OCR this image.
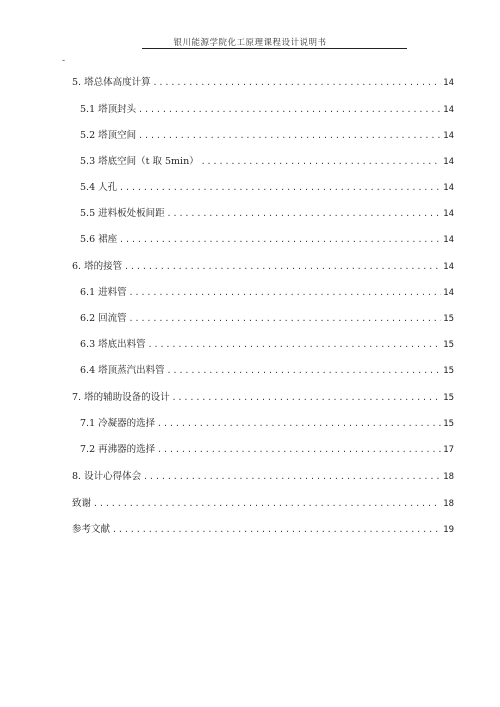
银川能源学院化工原理课程设计说明书
-
5. 塔总体高度计算 .....	14
5.1 塔顶封头 .....	14
5.2 塔顶空间 .....	14
5.3 塔底空间（t 取 5min） .....	14
5.4 人孔 .....	14
5.5 进料板处板间距 .....	14
5.6 裙座 .....	14
6. 塔的接管 .....	14
6.1 进料管 .....	14
6.2 回流管 .....	15
6.3 塔底出料管 .....	15
6.4 塔顶蒸汽出料管 .....	15
7. 塔的辅助设备的设计 .....	15
7.1 冷凝器的选择 .....	15
7.2 再沸器的选择 .....	17
8. 设计心得体会 .....	18
致谢 .....	18
参考文献 .....	19
